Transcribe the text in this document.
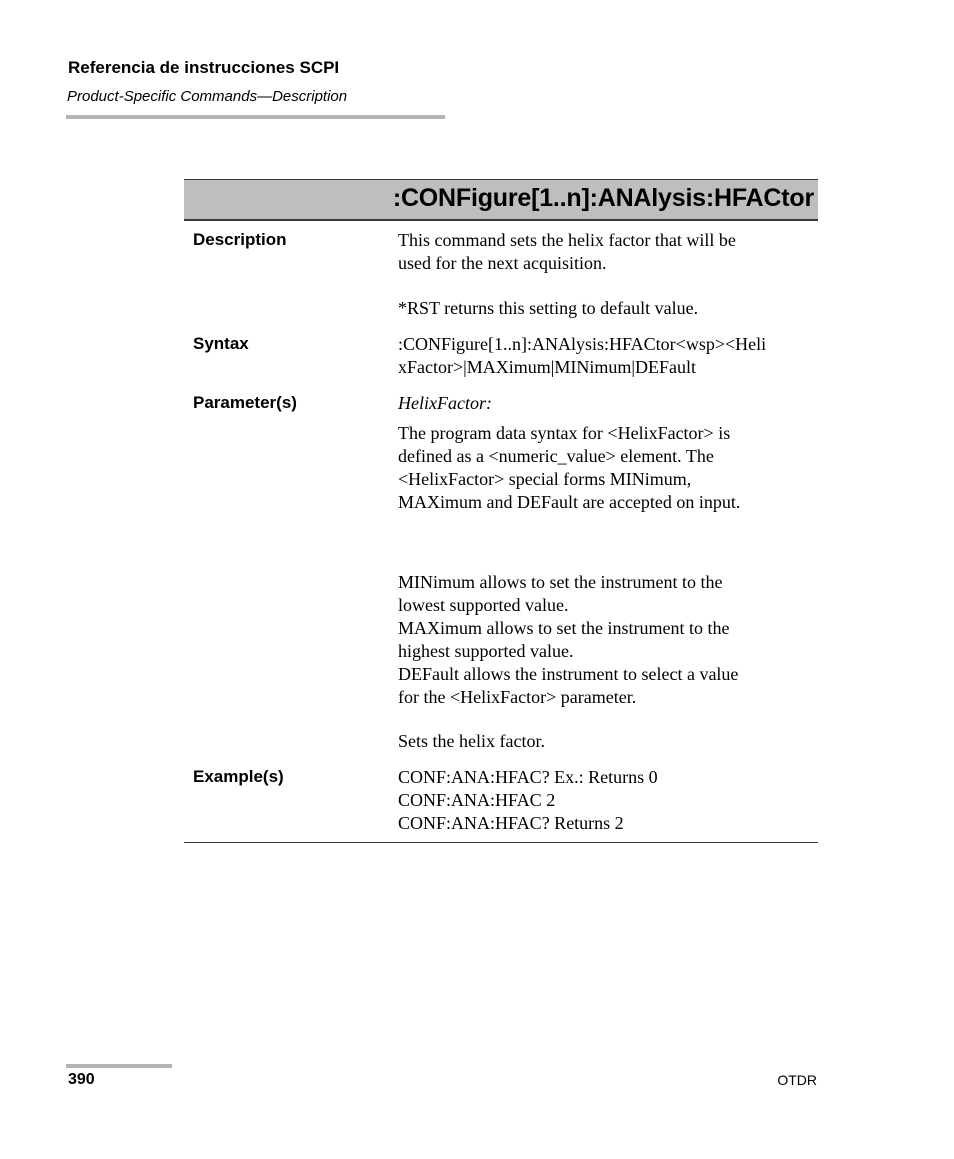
Referencia de instrucciones SCPI
Product-Specific Commands—Description
:CONFigure[1..n]:ANAlysis:HFACtor
Description	This command sets the helix factor that will be
used for the next acquisition.
*RST returns this setting to default value.
Syntax	:CONFigure[1..n]:ANAlysis:HFACtor<wsp><Heli
xFactor>|MAXimum|MINimum|DEFault
Parameter(s)	HelixFactor:
The program data syntax for <HelixFactor> is
defined as a <numeric_value> element. The
<HelixFactor> special forms MINimum,
MAXimum and DEFault are accepted on input.
MINimum allows to set the instrument to the
lowest supported value.
MAXimum allows to set the instrument to the
highest supported value.
DEFault allows the instrument to select a value
for the <HelixFactor> parameter.
Sets the helix factor.
Example(s)	CONF:ANA:HFAC? Ex.: Returns 0
CONF:ANA:HFAC 2
CONF:ANA:HFAC? Returns 2
390	OTDR
